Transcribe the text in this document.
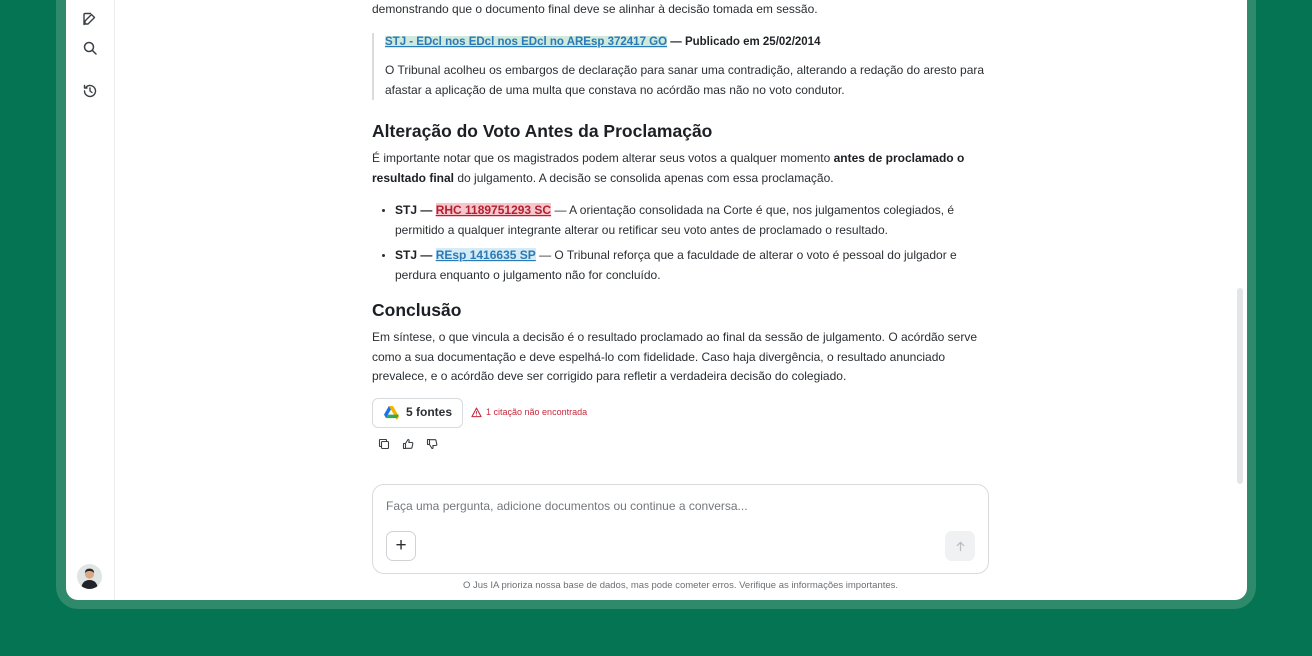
demonstrando que o documento final deve se alinhar à decisão tomada em sessão.

STJ - EDcl nos EDcl nos EDcl no AREsp 372417 GO — Publicado em 25/02/2014

O Tribunal acolheu os embargos de declaração para sanar uma contradição, alterando a redação do aresto para afastar a aplicação de uma multa que constava no acórdão mas não no voto condutor.

Alteração do Voto Antes da Proclamação

É importante notar que os magistrados podem alterar seus votos a qualquer momento antes de proclamado o resultado final do julgamento. A decisão se consolida apenas com essa proclamação.

• STJ — RHC 1189751293 SC — A orientação consolidada na Corte é que, nos julgamentos colegiados, é permitido a qualquer integrante alterar ou retificar seu voto antes de proclamado o resultado.
• STJ — REsp 1416635 SP — O Tribunal reforça que a faculdade de alterar o voto é pessoal do julgador e perdura enquanto o julgamento não for concluído.
Conclusão

Em síntese, o que vincula a decisão é o resultado proclamado ao final da sessão de julgamento. O acórdão serve como a sua documentação e deve espelhá-lo com fidelidade. Caso haja divergência, o resultado anunciado prevalece, e o acórdão deve ser corrigido para refletir a verdadeira decisão do colegiado.

5 fontes	1 citação não encontrada
Faça uma pergunta, adicione documentos ou continue a conversa...
+
O Jus IA prioriza nossa base de dados, mas pode cometer erros. Verifique as informações importantes.
